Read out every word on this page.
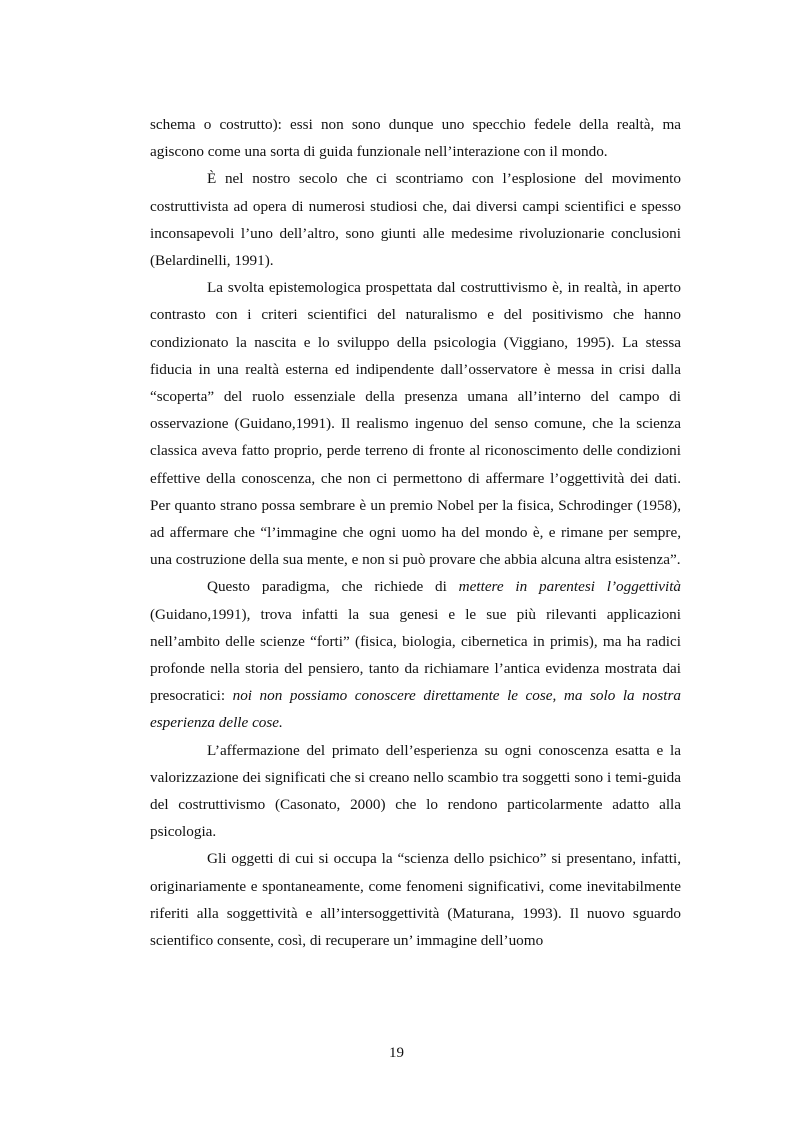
schema o costrutto): essi non sono dunque uno specchio fedele della realtà, ma agiscono come una sorta di guida funzionale nell’interazione con il mondo.

È nel nostro secolo che ci scontriamo con l’esplosione del movimento costruttivista ad opera di numerosi studiosi che, dai diversi campi scientifici e spesso inconsapevoli l’uno dell’altro, sono giunti alle medesime rivoluzionarie conclusioni (Belardinelli, 1991).

La svolta epistemologica prospettata dal costruttivismo è, in realtà, in aperto contrasto con i criteri scientifici del naturalismo e del positivismo che hanno condizionato la nascita e lo sviluppo della psicologia (Viggiano, 1995). La stessa fiducia in una realtà esterna ed indipendente dall’osservatore è messa in crisi dalla “scoperta” del ruolo essenziale della presenza umana all’interno del campo di osservazione (Guidano,1991). Il realismo ingenuo del senso comune, che la scienza classica aveva fatto proprio, perde terreno di fronte al riconoscimento delle condizioni effettive della conoscenza, che non ci permettono di affermare l’oggettività dei dati. Per quanto strano possa sembrare è un premio Nobel per la fisica, Schrodinger (1958), ad affermare che “l’immagine che ogni uomo ha del mondo è, e rimane per sempre, una costruzione della sua mente, e non si può provare che abbia alcuna altra esistenza”.

Questo paradigma, che richiede di mettere in parentesi l’oggettività (Guidano,1991), trova infatti la sua genesi e le sue più rilevanti applicazioni nell’ambito delle scienze “forti” (fisica, biologia, cibernetica in primis), ma ha radici profonde nella storia del pensiero, tanto da richiamare l’antica evidenza mostrata dai presocratici: noi non possiamo conoscere direttamente le cose, ma solo la nostra esperienza delle cose.

L’affermazione del primato dell’esperienza su ogni conoscenza esatta e la valorizzazione dei significati che si creano nello scambio tra soggetti sono i temi-guida del costruttivismo (Casonato, 2000) che lo rendono particolarmente adatto alla psicologia.

Gli oggetti di cui si occupa la “scienza dello psichico” si presentano, infatti, originariamente e spontaneamente, come fenomeni significativi, come inevitabilmente riferiti alla soggettività e all’intersoggettività (Maturana, 1993). Il nuovo sguardo scientifico consente, così, di recuperare un’ immagine dell’uomo

19
